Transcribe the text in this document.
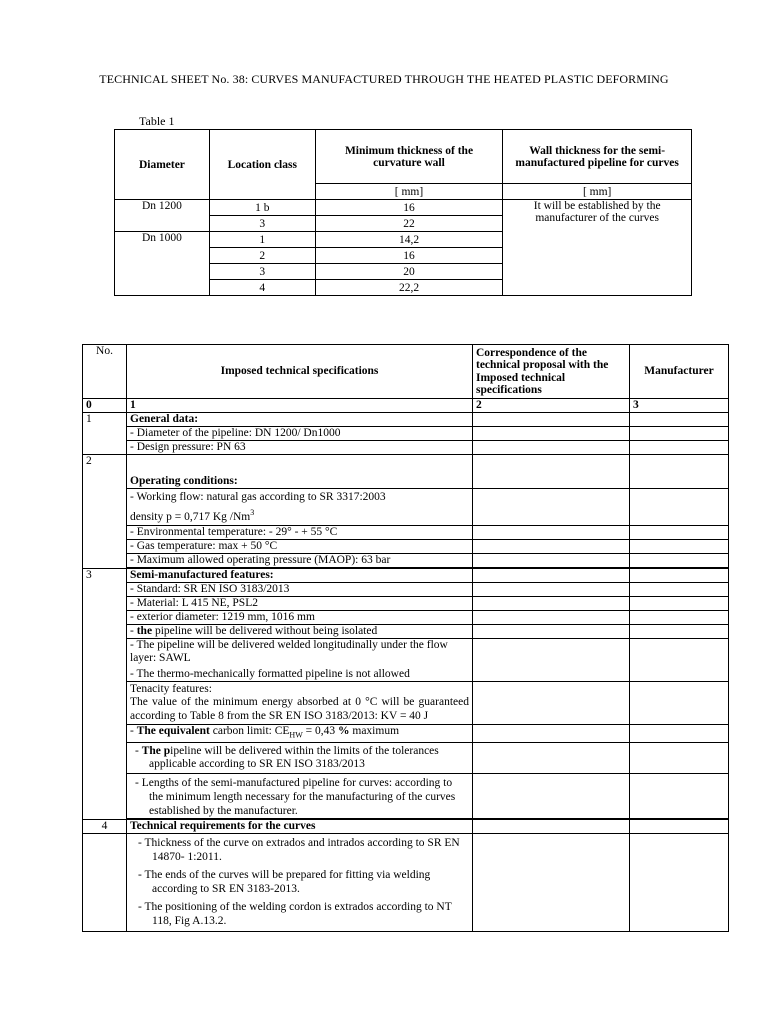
TECHNICAL SHEET No. 38: CURVES MANUFACTURED THROUGH THE HEATED PLASTIC DEFORMING
Table 1
Diameter	Location class	Minimum thickness of the curvature wall	Wall thickness for the semi-manufactured pipeline for curves
		[ mm]	[ mm]
Dn 1200	1 b	16	It will be established by the manufacturer of the curves
	3	22	
Dn 1000	1	14,2	
	2	16	
	3	20	
	4	22,2	
No.	Imposed technical specifications	Correspondence of the technical proposal with the Imposed technical specifications	Manufacturer
0	1	2	3
1	General data:		
	- Diameter of the pipeline: DN 1200/ Dn1000		
	- Design pressure: PN 63		
2	Operating conditions:		

	- Working flow: natural gas according to SR 3317:2003
density p = 0,717 Kg /Nm$^3$

	- Environmental temperature: - 29° - + 55 °C		
	- Gas temperature: max + 50 °C		
	- Maximum allowed operating pressure (MAOP): 63 bar		

3	Semi-manufactured features:		
	- Standard: SR EN ISO 3183/2013		
	- Material: L 415 NE, PSL2		
	- exterior diameter: 1219 mm, 1016 mm		
	- the pipeline will be delivered without being isolated		

	- The pipeline will be delivered welded longitudinally under the flow layer: SAWL
- The thermo-mechanically formatted pipeline is not allowed		

	Tenacity features:
The value of the minimum energy absorbed at 0 °C will be guaranteed according to Table 8 from the SR EN ISO 3183/2013: KV = 40 J		

	- The equivalent carbon limit: $CE_{HW} = 0,43$ % maximum		
	- The pipeline will be delivered within the limits of the tolerances applicable according to SR EN ISO 3183/2013		
	- Lengths of the semi-manufactured pipeline for curves: according to the minimum length necessary for the manufacturing of the curves established by the manufacturer.		

4	Technical requirements for the curves		

	- Thickness of the curve on extrados and intrados according to SR EN 14870- 1:2011.
- The ends of the curves will be prepared for fitting via welding according to SR EN 3183-2013.
- The positioning of the welding cordon is extrados according to NT 118, Fig A.13.2.		
